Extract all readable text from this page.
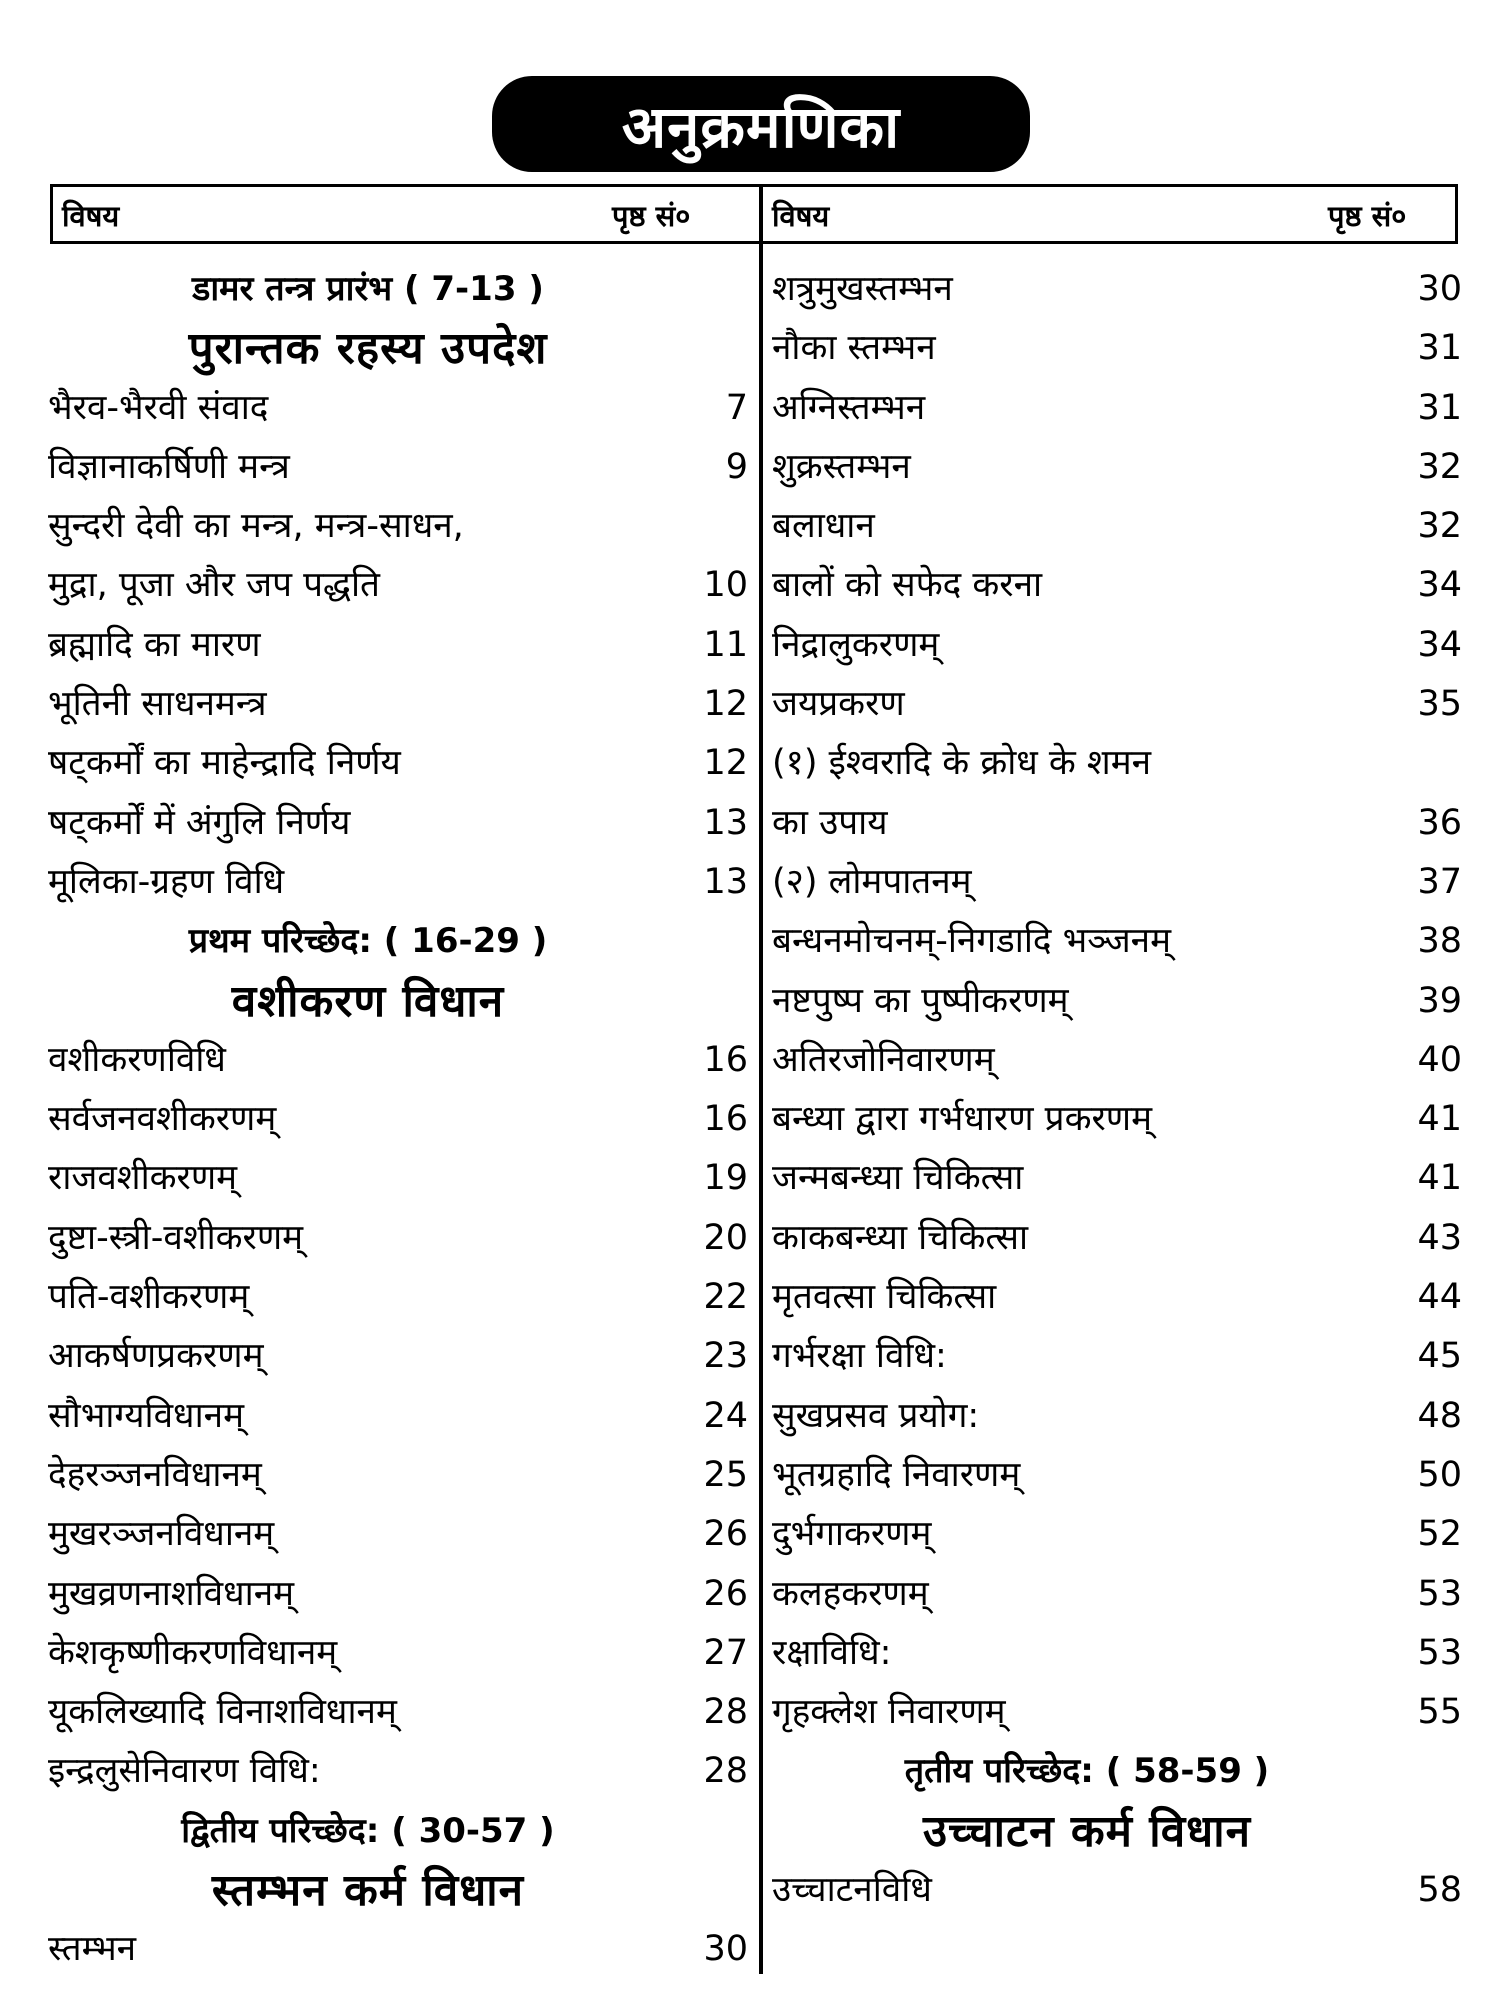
अनुक्रमणिका
विषय	पृष्ठ सं०	विषय	पृष्ठ सं०
डामर तन्त्र प्रारंभ ( 7-13 )
पुरान्तक रहस्य उपदेश
भैरव-भैरवी संवाद	7
विज्ञानाकर्षिणी मन्त्र	9
सुन्दरी देवी का मन्त्र, मन्त्र-साधन,
मुद्रा, पूजा और जप पद्धति	10
ब्रह्मादि का मारण	11
भूतिनी साधनमन्त्र	12
षट्कर्मों का माहेन्द्रादि निर्णय	12
षट्कर्मों में अंगुलि निर्णय	13
मूलिका-ग्रहण विधि	13
प्रथम परिच्छेद: ( 16-29 )
वशीकरण विधान
वशीकरणविधि	16
सर्वजनवशीकरणम्	16
राजवशीकरणम्	19
दुष्टा-स्त्री-वशीकरणम्	20
पति-वशीकरणम्	22
आकर्षणप्रकरणम्	23
सौभाग्यविधानम्	24
देहरञ्जनविधानम्	25
मुखरञ्जनविधानम्	26
मुखव्रणनाशविधानम्	26
केशकृष्णीकरणविधानम्	27
यूकलिख्यादि विनाशविधानम्	28
इन्द्रलुसेनिवारण विधि:	28
द्वितीय परिच्छेद: ( 30-57 )
स्तम्भन कर्म विधान
स्तम्भन	30
शत्रुमुखस्तम्भन	30
नौका स्तम्भन	31
अग्निस्तम्भन	31
शुक्रस्तम्भन	32
बलाधान	32
बालों को सफेद करना	34
निद्रालुकरणम्	34
जयप्रकरण	35
(१) ईश्वरादि के क्रोध के शमन
का उपाय	36
(२) लोमपातनम्	37
बन्धनमोचनम्-निगडादि भञ्जनम्	38
नष्टपुष्प का पुष्पीकरणम्	39
अतिरजोनिवारणम्	40
बन्ध्या द्वारा गर्भधारण प्रकरणम्	41
जन्मबन्ध्या चिकित्सा	41
काकबन्ध्या चिकित्सा	43
मृतवत्सा चिकित्सा	44
गर्भरक्षा विधि:	45
सुखप्रसव प्रयोग:	48
भूतग्रहादि निवारणम्	50
दुर्भगाकरणम्	52
कलहकरणम्	53
रक्षाविधि:	53
गृहक्लेश निवारणम्	55
तृतीय परिच्छेद: ( 58-59 )
उच्चाटन कर्म विधान
उच्चाटनविधि	58
